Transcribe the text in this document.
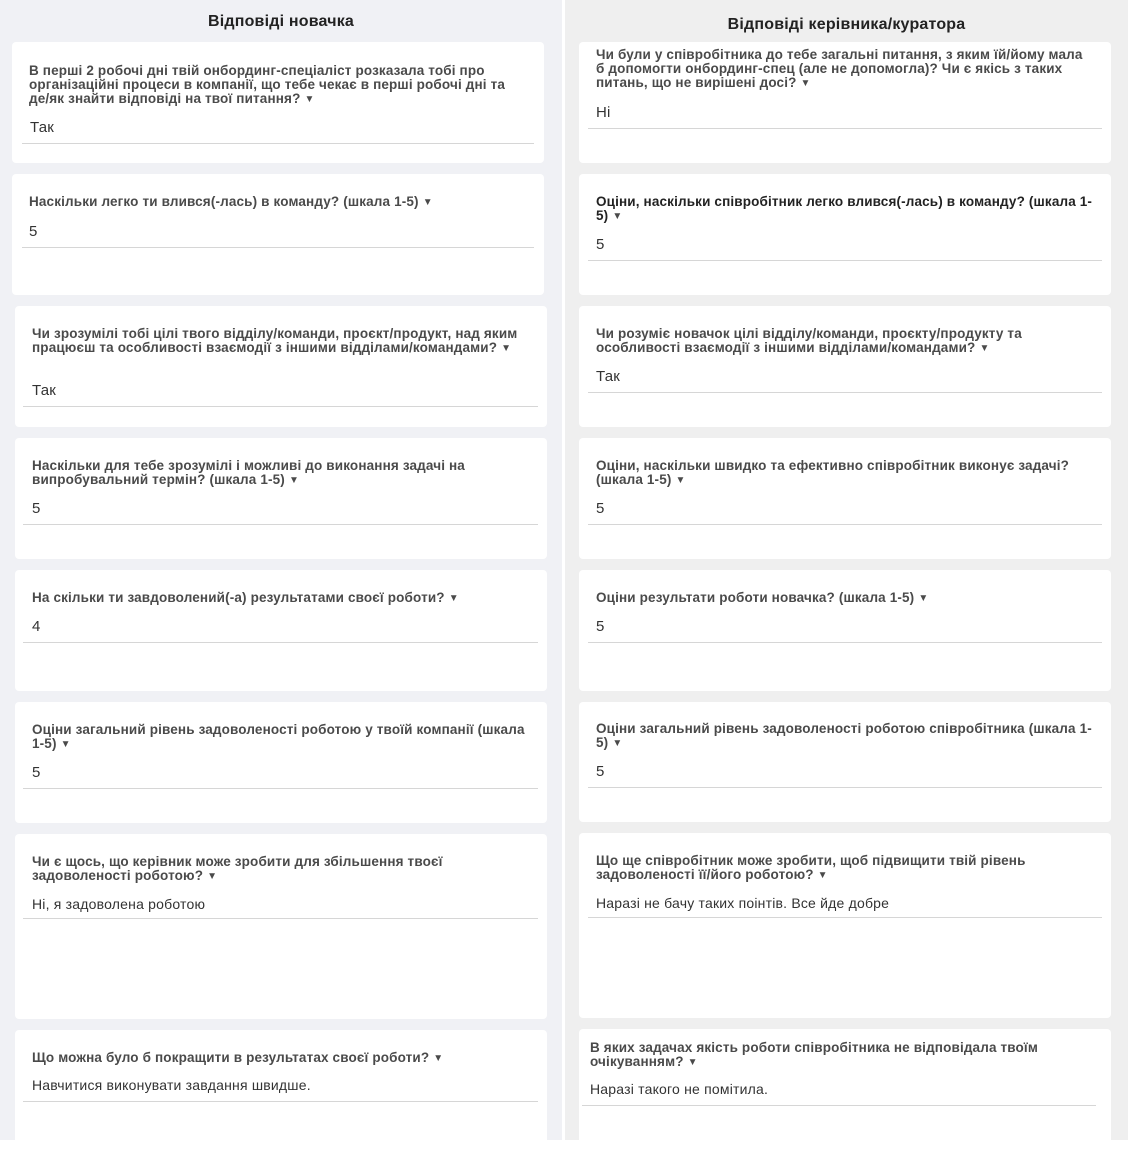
Відповіді новачка
В перші 2 робочі дні твій онбординг-спеціаліст розказала тобі про організаційні процеси в компанії, що тебе чекає в перші робочі дні та де/як знайти відповіді на твої питання? ▼
Так
Наскільки легко ти влився(-лась) в команду? (шкала 1-5) ▼
5
Чи зрозумілі тобі цілі твого відділу/команди, проєкт/продукт, над яким працюєш та особливості взаємодії з іншими відділами/командами? ▼
Так
Наскільки для тебе зрозумілі і можливі до виконання задачі на випробувальний термін? (шкала 1-5) ▼
5
На скільки ти завдоволений(-а) результатами своєї роботи? ▼
4
Оціни загальний рівень задоволеності роботою у твоїй компанії (шкала 1-5) ▼
5
Чи є щось, що керівник може зробити для збільшення твоєї задоволеності роботою? ▼
Ні, я задоволена роботою
Що можна було б покращити в результатах своєї роботи? ▼
Навчитися виконувати завдання швидше.
Відповіді керівника/куратора
Чи були у співробітника до тебе загальні питання, з яким їй/йому мала б допомогти онбординг-спец (але не допомогла)? Чи є якісь з таких питань, що не вирішені досі? ▼
Ні
Оціни, наскільки співробітник легко влився(-лась) в команду? (шкала 1-5) ▼
5
Чи розуміє новачок цілі відділу/команди, проєкту/продукту та особливості взаємодії з іншими відділами/командами? ▼
Так
Оціни, наскільки швидко та ефективно співробітник виконує задачі? (шкала 1-5) ▼
5
Оціни результати роботи новачка? (шкала 1-5) ▼
5
Оціни загальний рівень задоволеності роботою співробітника (шкала 1-5) ▼
5
Що ще співробітник може зробити, щоб підвищити твій рівень задоволеності її/його роботою? ▼
Наразі не бачу таких поінтів. Все йде добре
В яких задачах якість роботи співробітника не відповідала твоїм очікуванням? ▼
Наразі такого не помітила.
